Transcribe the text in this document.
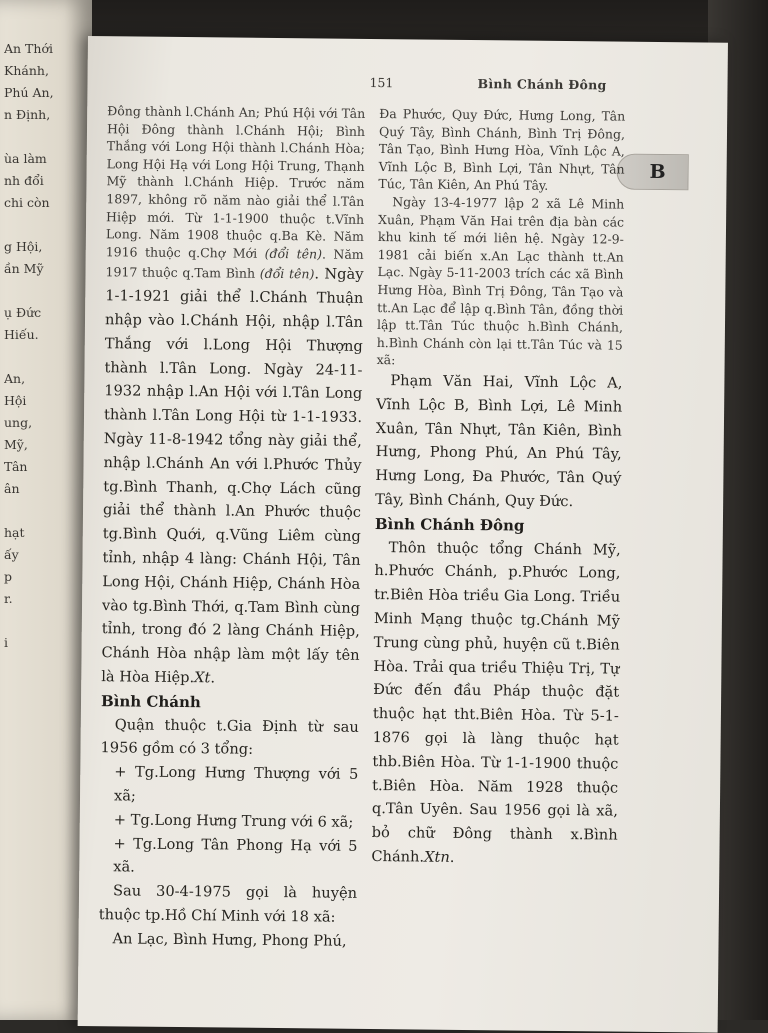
An Thới
Khánh,
Phú An,
n Định,
ùa làm
nh đổi
chi còn
g Hội,
ần Mỹ
ụ Đức
Hiếu.
An,
Hội
ung,
Mỹ,
Tân
ân
hạt
ấy
p
r.
i
151	Bình Chánh Đông
B

Đông thành l.Chánh An; Phú Hội với Tân Hội Đông thành l.Chánh Hội; Bình Thắng với Long Hội thành l.Chánh Hòa; Long Hội Hạ với Long Hội Trung, Thạnh Mỹ thành l.Chánh Hiệp. Trước năm 1897, không rõ năm nào giải thể l.Tân Hiệp mới. Từ 1-1-1900 thuộc t.Vĩnh Long. Năm 1908 thuộc q.Ba Kè. Năm 1916 thuộc q.Chợ Mới (đổi tên). Năm 1917 thuộc q.Tam Bình (đổi tên). Ngày 1-1-1921 giải thể l.Chánh Thuận nhập vào l.Chánh Hội, nhập l.Tân Thắng với l.Long Hội Thượng thành l.Tân Long. Ngày 24-11-1932 nhập l.An Hội với l.Tân Long thành l.Tân Long Hội từ 1-1-1933. Ngày 11-8-1942 tổng này giải thể, nhập l.Chánh An với l.Phước Thủy tg.Bình Thanh, q.Chợ Lách cũng giải thể thành l.An Phước thuộc tg.Bình Quới, q.Vũng Liêm cùng tỉnh, nhập 4 làng: Chánh Hội, Tân Long Hội, Chánh Hiệp, Chánh Hòa vào tg.Bình Thới, q.Tam Bình cùng tỉnh, trong đó 2 làng Chánh Hiệp, Chánh Hòa nhập làm một lấy tên là Hòa Hiệp.Xt.

Bình Chánh

Quận thuộc t.Gia Định từ sau 1956 gồm có 3 tổng:

+ Tg.Long Hưng Thượng với 5 xã;

+ Tg.Long Hưng Trung với 6 xã;

+ Tg.Long Tân Phong Hạ với 5 xã.

Sau 30-4-1975 gọi là huyện thuộc tp.Hồ Chí Minh với 18 xã:

An Lạc, Bình Hưng, Phong Phú,

Đa Phước, Quy Đức, Hưng Long, Tân Quý Tây, Bình Chánh, Bình Trị Đông, Tân Tạo, Bình Hưng Hòa, Vĩnh Lộc A, Vĩnh Lộc B, Bình Lợi, Tân Nhựt, Tân Túc, Tân Kiên, An Phú Tây.

Ngày 13-4-1977 lập 2 xã Lê Minh Xuân, Phạm Văn Hai trên địa bàn các khu kinh tế mới liên hệ. Ngày 12-9-1981 cải biến x.An Lạc thành tt.An Lạc. Ngày 5-11-2003 trích các xã Bình Hưng Hòa, Bình Trị Đông, Tân Tạo và tt.An Lạc để lập q.Bình Tân, đồng thời lập tt.Tân Túc thuộc h.Bình Chánh, h.Bình Chánh còn lại tt.Tân Túc và 15 xã:

Phạm Văn Hai, Vĩnh Lộc A, Vĩnh Lộc B, Bình Lợi, Lê Minh Xuân, Tân Nhựt, Tân Kiên, Bình Hưng, Phong Phú, An Phú Tây, Hưng Long, Đa Phước, Tân Quý Tây, Bình Chánh, Quy Đức.

Bình Chánh Đông

Thôn thuộc tổng Chánh Mỹ, h.Phước Chánh, p.Phước Long, tr.Biên Hòa triều Gia Long. Triều Minh Mạng thuộc tg.Chánh Mỹ Trung cùng phủ, huyện cũ t.Biên Hòa. Trải qua triều Thiệu Trị, Tự Đức đến đầu Pháp thuộc đặt thuộc hạt tht.Biên Hòa. Từ 5-1-1876 gọi là làng thuộc hạt thb.Biên Hòa. Từ 1-1-1900 thuộc t.Biên Hòa. Năm 1928 thuộc q.Tân Uyên. Sau 1956 gọi là xã, bỏ chữ Đông thành x.Bình Chánh.Xtn.
